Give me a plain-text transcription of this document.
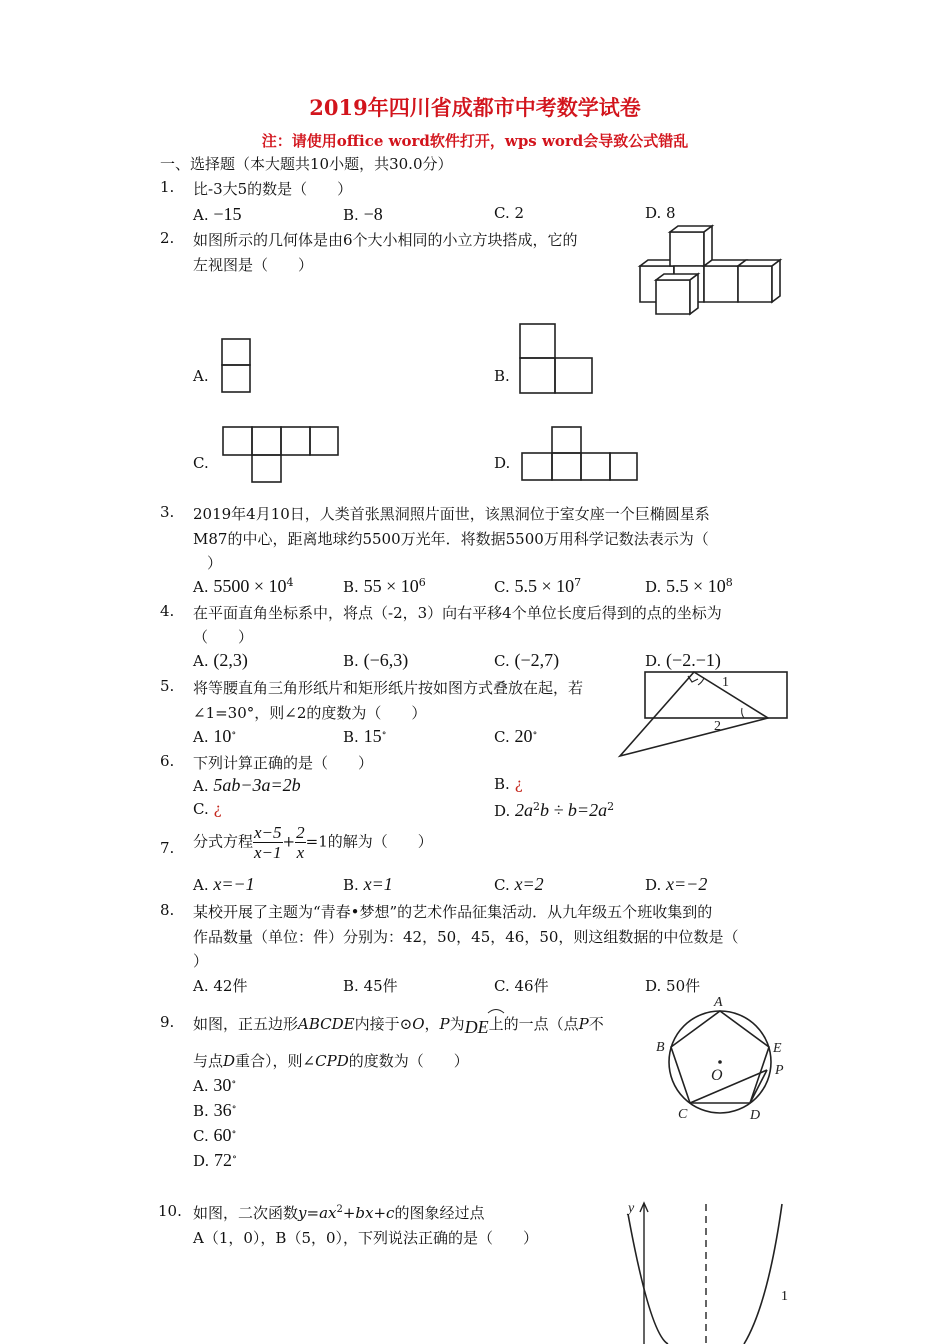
2019年四川省成都市中考数学试卷
注：请使用office word软件打开，wps word会导致公式错乱
一、选择题（本大题共10小题，共30.0分）
1. 比-3大5的数是（　　）
A. −15	B. −8	C. 2	D. 8
2. 如图所示的几何体是由6个大小相同的小立方块搭成，它的
左视图是（　　）
A.	B.
C.	D.
3. 2019年4月10日，人类首张黑洞照片面世，该黑洞位于室女座一个巨椭圆星系
M87的中心，距离地球约5500万光年．将数据5500万用科学记数法表示为（
）
A. $5500 \times 10^4$	B. $55 \times 10^6$	C. $5.5 \times 10^7$	D. $5.5 \times 10^8$
4. 在平面直角坐标系中，将点（-2，3）向右平移4个单位长度后得到的点的坐标为
（　　）
A. (2,3)	B. (−6,3)	C. (−2,7)	D. (−2.−1)
5. 将等腰直角三角形纸片和矩形纸片按如图方式叠放在起，若
∠1=30°，则∠2的度数为（　　）
A. 10∘	B. 15∘	C. 20∘
1
2
6. 下列计算正确的是（　　）
A. 5ab−3a=2b	B. ¿
C. ¿	D. $2a^2b \div b=2a^2$
7. 分式方程 $\frac{x-5}{x-1} + \frac{2}{x} =1$的解为（　　）
A. x=−1	B. x=1	C. x=2	D. x=−2
8. 某校开展了主题为“青春•梦想”的艺术作品征集活动．从九年级五个班收集到的
作品数量（单位：件）分别为：42，50，45，46，50，则这组数据的中位数是（
）
A. 42件	B. 45件	C. 46件	D. 50件
9. 如图，正五边形ABCDE内接于⊙O，P为DE上的一点（点P不
与点D重合），则∠CPD的度数为（　　）
A. 30∘
B. 36∘
C. 60∘
D. 72∘
A
B
C	D
E
P
O
10. 如图，二次函数$y=ax^2+bx+c$的图象经过点
A（1，0），B（5，0），下列说法正确的是（　　）
y
1
